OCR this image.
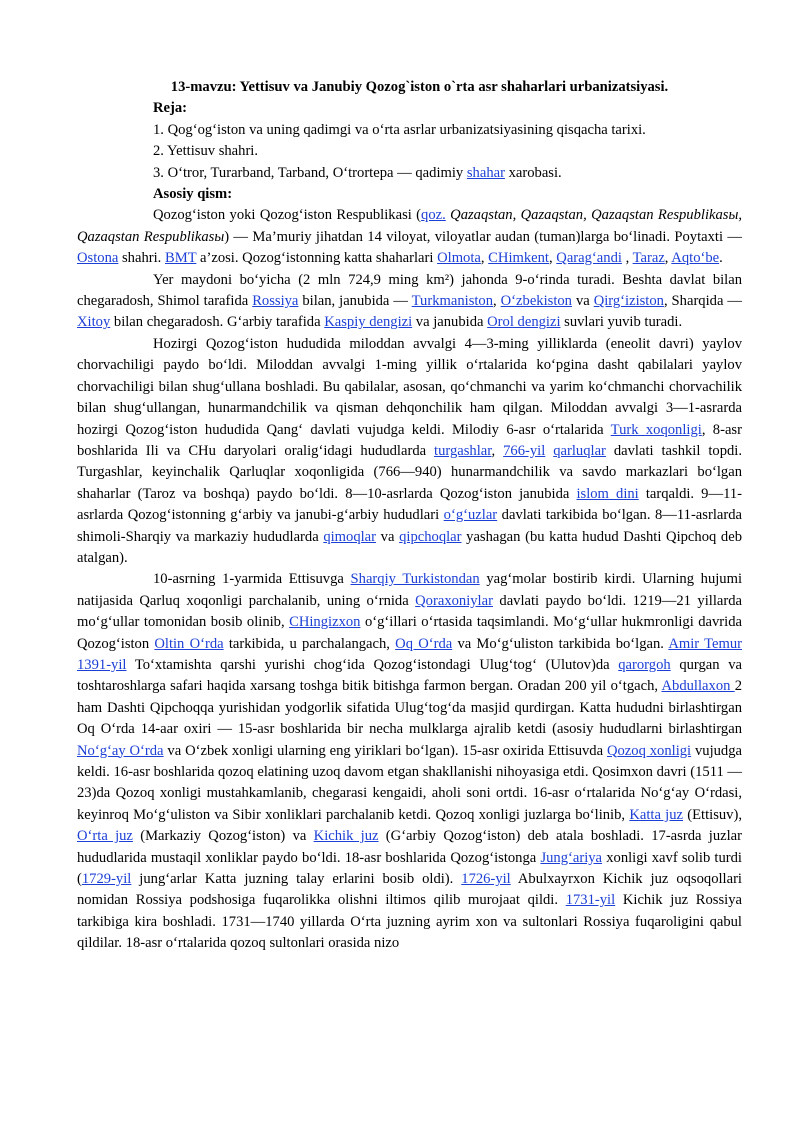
13-mavzu: Yettisuv va Janubiy Qozog`iston o`rta asr shaharlari urbanizatsiyasi.
Reja:
1. Qog‘og‘iston va uning qadimgi va o‘rta asrlar urbanizatsiyasining qisqacha tarixi.
2. Yettisuv shahri.
3. O‘tror, Turarband, Tarband, O‘trortepa — qadimiy shahar xarobasi.
Asosiy qism:
Qozog‘iston yoki Qozog‘iston Respublikasi (qoz. Qazaqstan, Qazaqstan, Qazaqstan Respublikasы, Qazaqstan Respublikasы) — Ma’muriy jihatdan 14 viloyat, viloyatlar audan (tuman)larga bo‘linadi. Poytaxti — Ostona shahri. BMT a’zosi. Qozog‘istonning katta shaharlari Olmota, CHimkent, Qarag‘andi , Taraz, Aqto‘be.
Yer maydoni bo‘yicha (2 mln 724,9 ming km²) jahonda 9-o‘rinda turadi. Beshta davlat bilan chegaradosh, Shimol tarafida Rossiya bilan, janubida — Turkmaniston, O‘zbekiston va Qirg‘iziston, Sharqida — Xitoy bilan chegaradosh. G‘arbiy tarafida Kaspiy dengizi va janubida Orol dengizi suvlari yuvib turadi.
Hozirgi Qozog‘iston hududida miloddan avvalgi 4—3-ming yilliklarda (eneolit davri) yaylov chorvachiligi paydo bo‘ldi. Miloddan avvalgi 1-ming yillik o‘rtalarida ko‘pgina dasht qabilalari yaylov chorvachiligi bilan shug‘ullana boshladi. Bu qabilalar, asosan, qo‘chmanchi va yarim ko‘chmanchi chorvachilik bilan shug‘ullangan, hunarmandchilik va qisman dehqonchilik ham qilgan. Miloddan avvalgi 3—1-asrarda hozirgi Qozog‘iston hududida Qang‘ davlati vujudga keldi. Milodiy 6-asr o‘rtalarida Turk xoqonligi, 8-asr boshlarida Ili va CHu daryolari oralig‘idagi hududlarda turgashlar, 766-yil qarluqlar davlati tashkil topdi. Turgashlar, keyinchalik Qarluqlar xoqonligida (766—940) hunarmandchilik va savdo markazlari bo‘lgan shaharlar (Taroz va boshqa) paydo bo‘ldi. 8—10-asrlarda Qozog‘iston janubida islom dini tarqaldi. 9—11-asrlarda Qozog‘istonning g‘arbiy va janubi-g‘arbiy hududlari o‘g‘uzlar davlati tarkibida bo‘lgan. 8—11-asrlarda shimoli-Sharqiy va markaziy hududlarda qimoqlar va qipchoqlar yashagan (bu katta hudud Dashti Qipchoq deb atalgan).
10-asrning 1-yarmida Ettisuvga Sharqiy Turkistondan yag‘molar bostirib kirdi. Ularning hujumi natijasida Qarluq xoqonligi parchalanib, uning o‘rnida Qoraxoniylar davlati paydo bo‘ldi. 1219—21 yillarda mo‘g‘ullar tomonidan bosib olinib, CHingizxon o‘g‘illari o‘rtasida taqsimlandi. Mo‘g‘ullar hukmronligi davrida Qozog‘iston Oltin O‘rda tarkibida, u parchalangach, Oq O‘rda va Mo‘g‘uliston tarkibida bo‘lgan. Amir Temur 1391-yil To‘xtamishta qarshi yurishi chog‘ida Qozog‘istondagi Ulug‘tog‘ (Ulutov)da qarorgoh qurgan va toshtaroshlarga safari haqida xarsang toshga bitik bitishga farmon bergan. Oradan 200 yil o‘tgach, Abdullaxon 2 ham Dashti Qipchoqqa yurishidan yodgorlik sifatida Ulug‘tog‘da masjid qurdirgan. Katta hududni birlashtirgan Oq O‘rda 14-aar oxiri — 15-asr boshlarida bir necha mulklarga ajralib ketdi (asosiy hududlarni birlashtirgan No‘g‘ay O‘rda va O‘zbek xonligi ularning eng yiriklari bo‘lgan). 15-asr oxirida Ettisuvda Qozoq xonligi vujudga keldi. 16-asr boshlarida qozoq elatining uzoq davom etgan shakllanishi nihoyasiga etdi. Qosimxon davri (1511 — 23)da Qozoq xonligi mustahkamlanib, chegarasi kengaidi, aholi soni ortdi. 16-asr o‘rtalarida No‘g‘ay O‘rdasi, keyinroq Mo‘g‘uliston va Sibir xonliklari parchalanib ketdi. Qozoq xonligi juzlarga bo‘linib, Katta juz (Ettisuv), O‘rta juz (Markaziy Qozog‘iston) va Kichik juz (G‘arbiy Qozog‘iston) deb atala boshladi. 17-asrda juzlar hududlarida mustaqil xonliklar paydo bo‘ldi. 18-asr boshlarida Qozog‘istonga Jung‘ariya xonligi xavf solib turdi (1729-yil jung‘arlar Katta juzning talay erlarini bosib oldi). 1726-yil Abulxayrxon Kichik juz oqsoqollari nomidan Rossiya podshosiga fuqarolikka olishni iltimos qilib murojaat qildi. 1731-yil Kichik juz Rossiya tarkibiga kira boshladi. 1731—1740 yillarda O‘rta juzning ayrim xon va sultonlari Rossiya fuqaroligini qabul qildilar. 18-asr o‘rtalarida qozoq sultonlari orasida nizo
